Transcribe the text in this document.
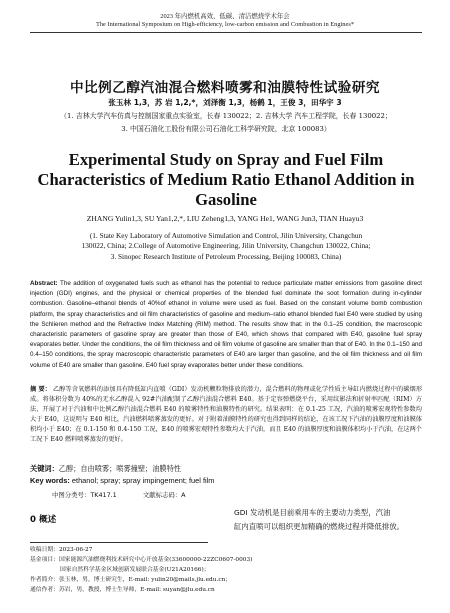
2023 年内燃机高效、低碳、清洁燃烧学术年会
The International Symposium on High-efficiency, low-carbon emission and Combustion in Engines*
中比例乙醇汽油混合燃料喷雾和油膜特性试验研究
张玉林 1,3，苏 岩 1,2,*，刘泽衡 1,3，杨鹤 1，王俊 3，田华宇 3
（1. 吉林大学汽车仿真与控制国家重点实验室，长春 130022；2. 吉林大学 汽车工程学院，长春 130022；
3. 中国石油化工股份有限公司石油化工科学研究院，北京 100083）
Experimental Study on Spray and Fuel Film
Characteristics of Medium Ratio Ethanol Addition in
Gasoline
ZHANG Yulin1,3, SU Yan1,2,*, LIU Zeheng1,3, YANG He1, WANG Jun3, TIAN Huayu3
(1. State Key Laboratory of Automotive Simulation and Control, Jilin University, Changchun
130022, China; 2.College of Automotive Engineering, Jilin University, Changchun 130022, China;
3. Sinopec Research Institute of Petroleum Processing, Beijing 100083, China)
Abstract: The addition of oxygenated fuels such as ethanol has the potential to reduce particulate matter emissions from gasoline direct injection (GDI) engines, and the physical or chemical properties of the blended fuel dominate the soot formation during in-cylinder combustion. Gasoline–ethanol blends of 40%of ethanol in volume were used as fuel. Based on the constant volume bomb combustion platform, the spray characteristics and oil film characteristics of gasoline and medium–ratio ethanol blended fuel E40 were studied by using the Schlieren method and the Refractive Index Matching (RIM) method. The results show that: in the 0.1–25 condition, the macroscopic characteristic parameters of gasoline spray are greater than those of E40, which shows that compared with E40, gasoline fuel spray evaporates better. Under the conditions, the oil film thickness and oil film volume of gasoline are smaller than that of E40. In the 0.1–150 and 0.4–150 conditions, the spray macroscopic characteristic parameters of E40 are larger than gasoline, and the oil film thickness and oil film volume of E40 are smaller than gasoline. E40 fuel spray evaporates better under these conditions.
摘 要： 乙醇等含氧燃料的添加具有降低缸内直喷（GDI）发动机颗粒物排放的潜力，混合燃料的物理或化学性质主导缸内燃烧过程中的碳烟形成。将体积分数为 40%的无水乙醇混入 92#汽油配制了乙醇汽油混合燃料 E40。基于定容弹燃烧平台，采用纹影法和折射率匹配（RIM）方法，开展了对于汽油和中比例乙醇汽油混合燃料 E40 的喷雾特性和油膜特性的研究。结果表明：在 0.1-25 工况，汽油的喷雾宏观特性参数均大于 E40，这说明与 E40 相比，汽油燃料喷雾蒸发的更好。对于附着油膜特性的研究也得到同样的结论，在该工况下汽油的油膜厚度和油膜体积均小于 E40；在 0.1-150 和 0.4-150 工况，E40 的喷雾宏观特性参数均大于汽油，而且 E40 的油膜厚度和油膜体积均小于汽油，在这两个工况下 E40 燃料喷雾蒸发的更好。
关键词：乙醇；自由喷雾；喷雾撞壁；油膜特性
Key words: ethanol; spray; spray impingement; fuel film
中图分类号：TK417.1	文献标志码：A
0 概述
GDI 发动机是目前乘用车的主要动力类型，汽油
缸内直喷可以组织更加精确的燃烧过程并降低排放。
收稿日期：2023-06-27
基金项目：国家能源汽油燃烧利技术研究中心开放基金(33600000-22ZC0607-0003)
国家自然科学基金区域创新发展联合基金(U21A20166)；
作者简介：张玉林，男，博士研究生，E-mail: yulin20@mails.jlu.edu.cn；
通信作者：苏岩，男，教授，博士生导师，E-mail: suyan@jlu.edu.cn
